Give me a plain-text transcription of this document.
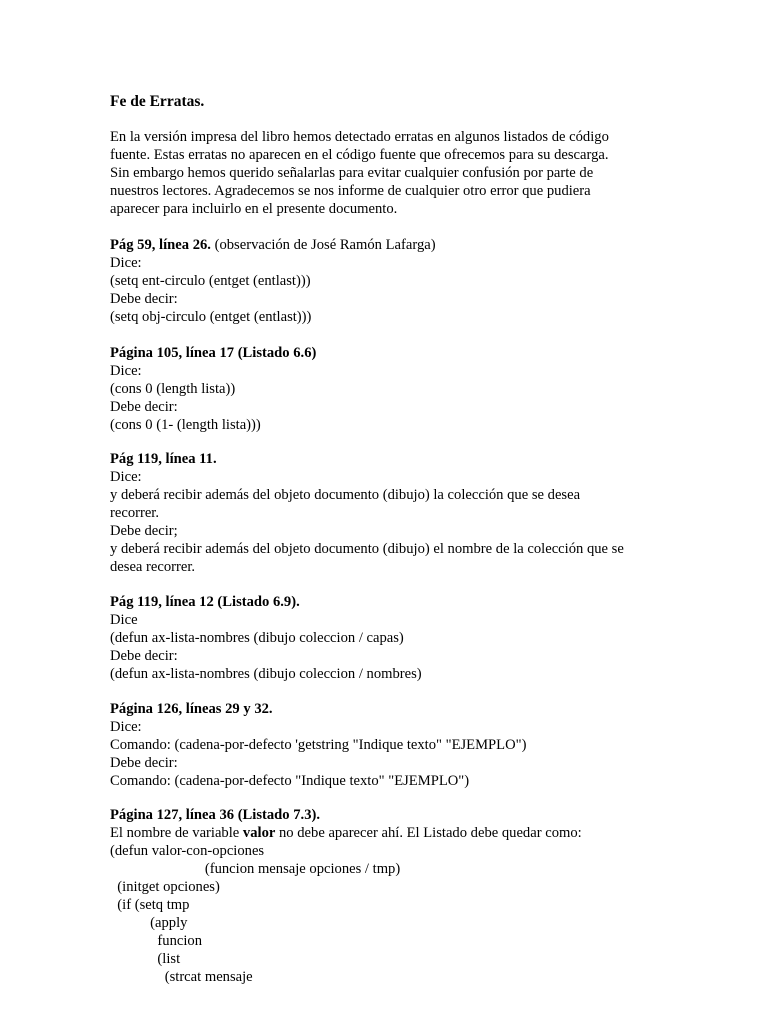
Fe de Erratas.

En la versión impresa del libro hemos detectado erratas en algunos listados de código
fuente. Estas erratas no aparecen en el código fuente que ofrecemos para su descarga.
Sin embargo hemos querido señalarlas para evitar cualquier confusión por parte de
nuestros lectores. Agradecemos se nos informe de cualquier otro error que pudiera
aparecer para incluirlo en el presente documento.

Pág 59, línea 26. (observación de José Ramón Lafarga)
Dice:
(setq ent-circulo (entget (entlast)))
Debe decir:
(setq obj-circulo (entget (entlast)))
Página 105, línea 17 (Listado 6.6)
Dice:
(cons 0 (length lista))
Debe decir:
(cons 0 (1- (length lista)))
Pág 119, línea 11.
Dice:
y deberá recibir además del objeto documento (dibujo) la colección que se desea
recorrer.
Debe decir;
y deberá recibir además del objeto documento (dibujo) el nombre de la colección que se
desea recorrer.
Pág 119, línea 12 (Listado 6.9).
Dice
(defun ax-lista-nombres (dibujo coleccion / capas)
Debe decir:
(defun ax-lista-nombres (dibujo coleccion / nombres)
Página 126, líneas 29 y 32.
Dice:
Comando: (cadena-por-defecto 'getstring "Indique texto" "EJEMPLO")
Debe decir:
Comando: (cadena-por-defecto "Indique texto" "EJEMPLO")
Página 127, línea 36 (Listado 7.3).
El nombre de variable valor no debe aparecer ahí. El Listado debe quedar como:
(defun valor-con-opciones
(funcion mensaje opciones / tmp)
(initget opciones)
(if (setq tmp
(apply
funcion
(list
(strcat mensaje
